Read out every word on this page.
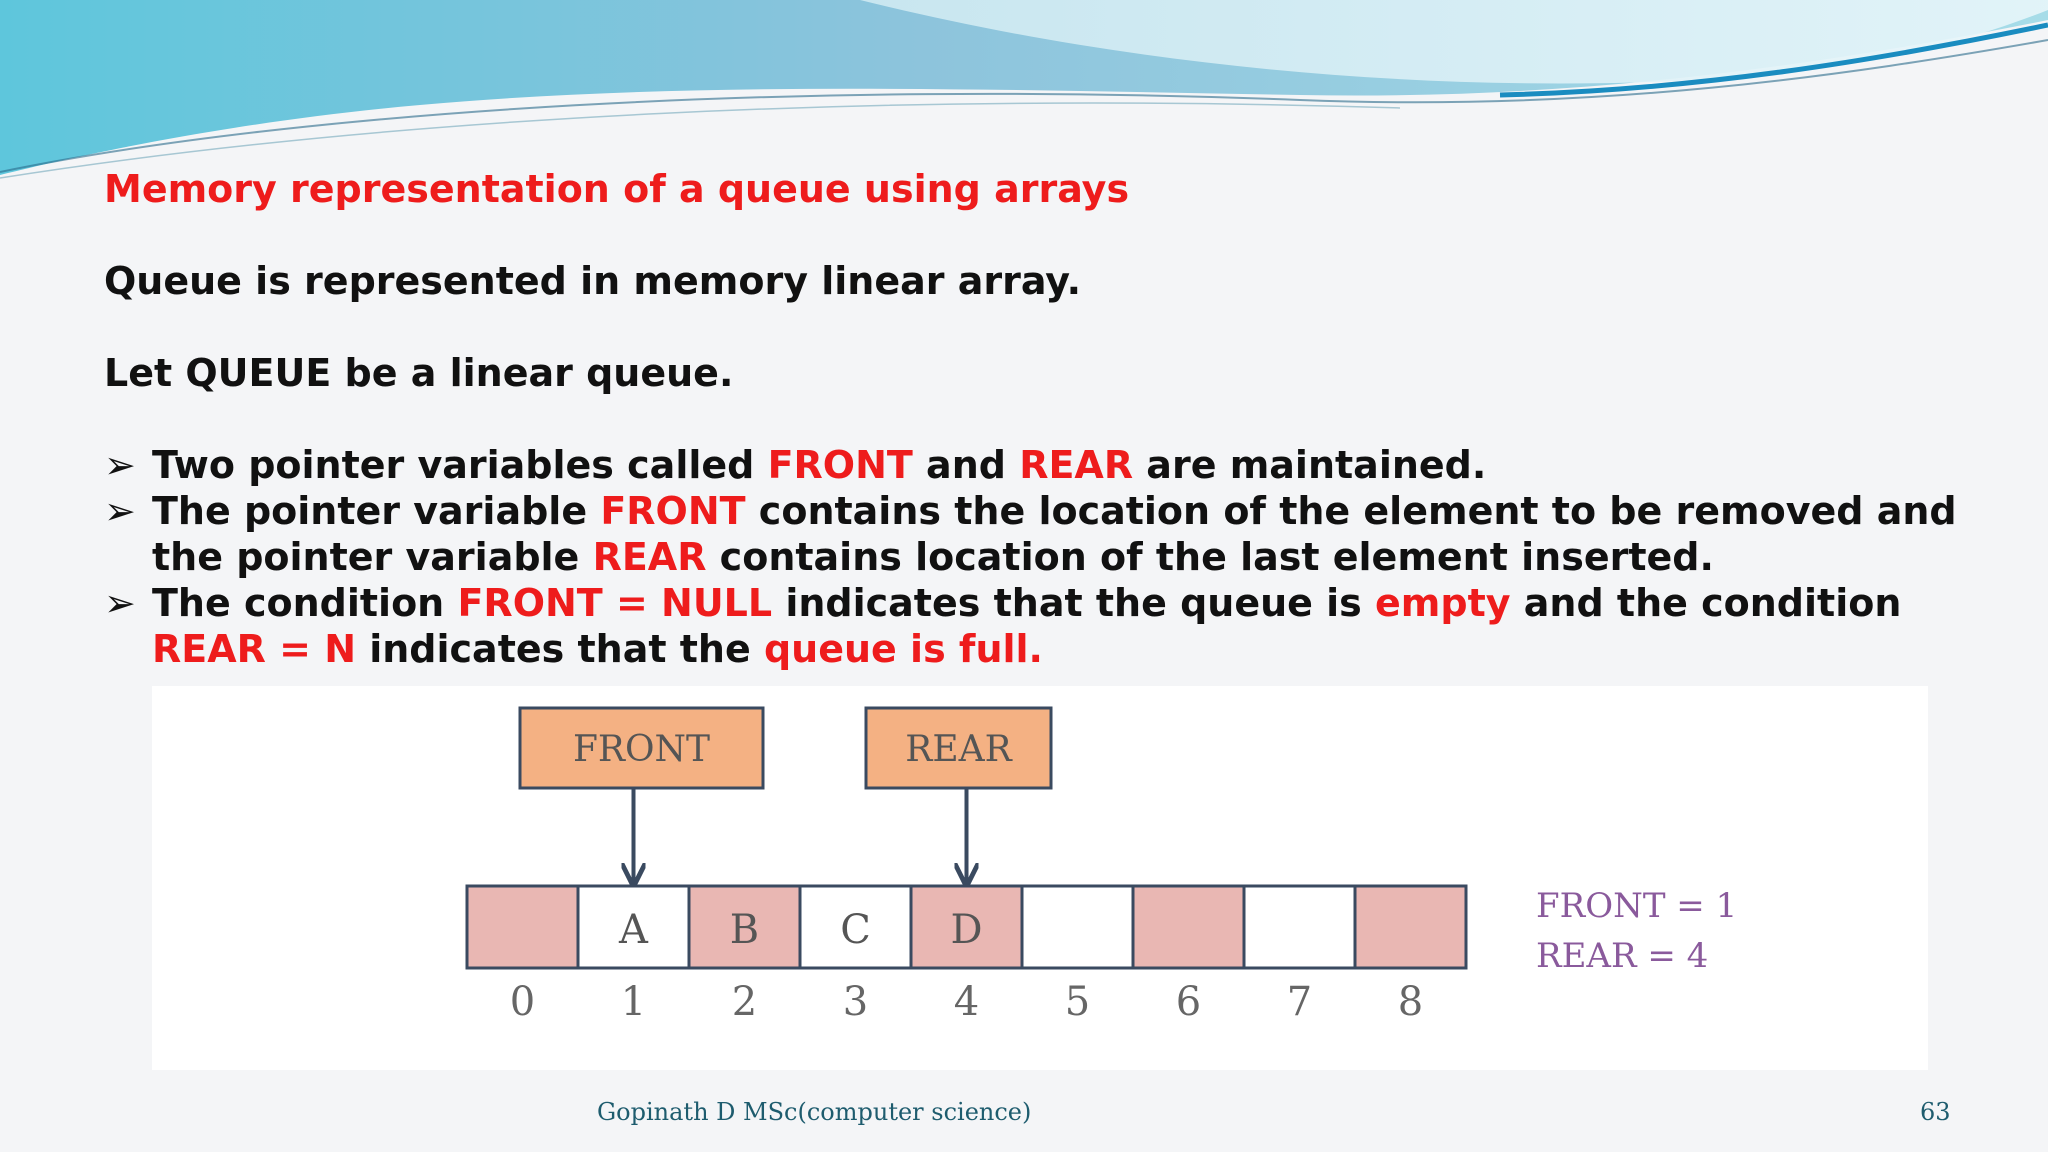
Memory representation of a queue using arrays
Queue is represented in memory linear array.
Let QUEUE be a linear queue.
➢ Two pointer variables called FRONT and REAR are maintained.
➢ The pointer variable FRONT contains the location of the element to be removed and the pointer variable REAR contains location of the last element inserted.
➢ The condition FRONT = NULL indicates that the queue is empty and the condition REAR = N indicates that the queue is full.
FRONT	REAR
0
A
1
B
2
C
3
D
4 5 6 7 8
FRONT = 1
REAR = 4
Gopinath D MSc(computer science)	63
